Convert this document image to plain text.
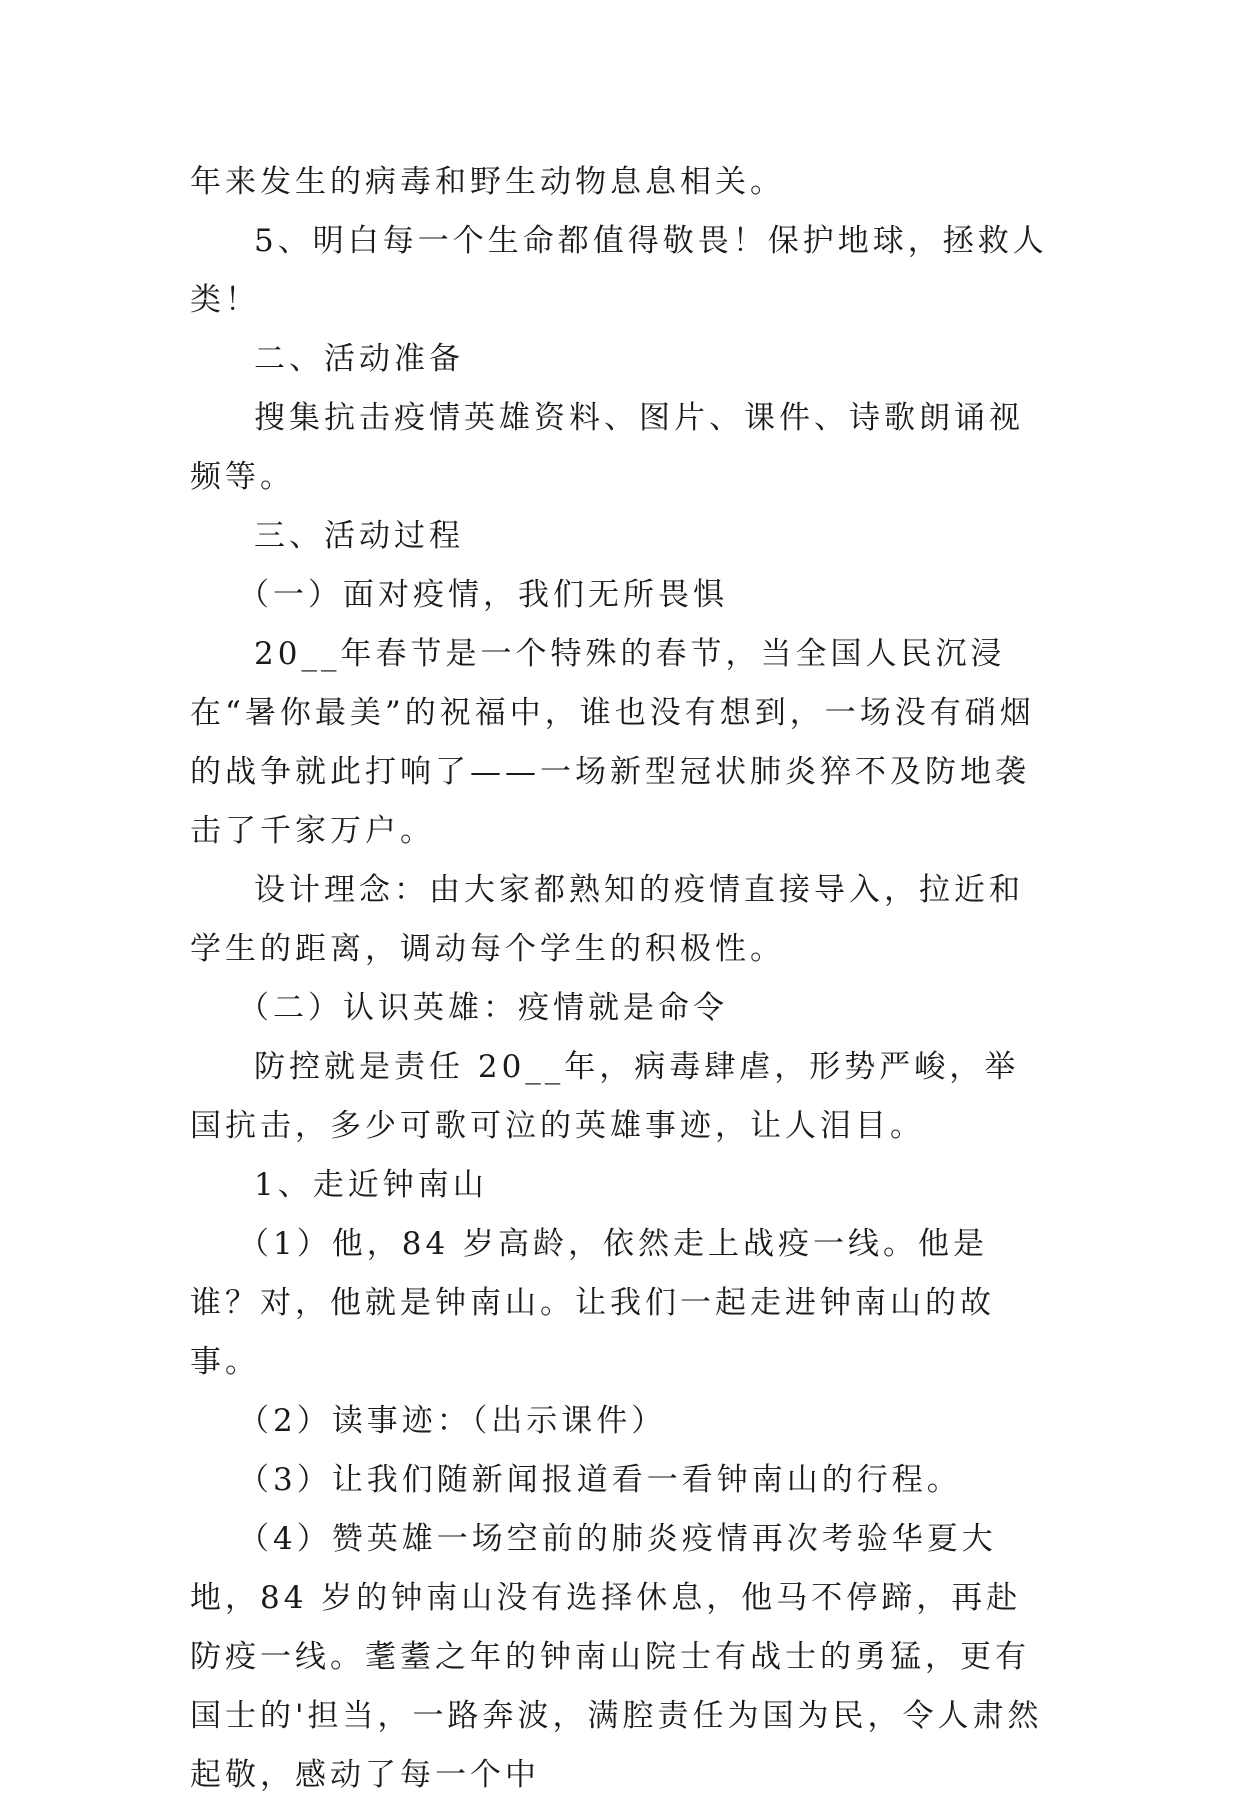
年来发生的病毒和野生动物息息相关。

5、明白每一个生命都值得敬畏！保护地球，拯救人类！

二、活动准备

搜集抗击疫情英雄资料、图片、课件、诗歌朗诵视频等。

三、活动过程

（一）面对疫情，我们无所畏惧

20__年春节是一个特殊的春节，当全国人民沉浸在“暑你最美”的祝福中，谁也没有想到，一场没有硝烟的战争就此打响了——一场新型冠状肺炎猝不及防地袭击了千家万户。

设计理念：由大家都熟知的疫情直接导入，拉近和学生的距离，调动每个学生的积极性。

（二）认识英雄：疫情就是命令

防控就是责任 20__年，病毒肆虐，形势严峻，举国抗击，多少可歌可泣的英雄事迹，让人泪目。

1、走近钟南山

（1）他，84 岁高龄，依然走上战疫一线。他是谁？对，他就是钟南山。让我们一起走进钟南山的故事。

（2）读事迹：（出示课件）

（3）让我们随新闻报道看一看钟南山的行程。

（4）赞英雄一场空前的肺炎疫情再次考验华夏大地，84 岁的钟南山没有选择休息，他马不停蹄，再赴防疫一线。耄耋之年的钟南山院士有战士的勇猛，更有国士的'担当，一路奔波，满腔责任为国为民，令人肃然起敬，感动了每一个中
